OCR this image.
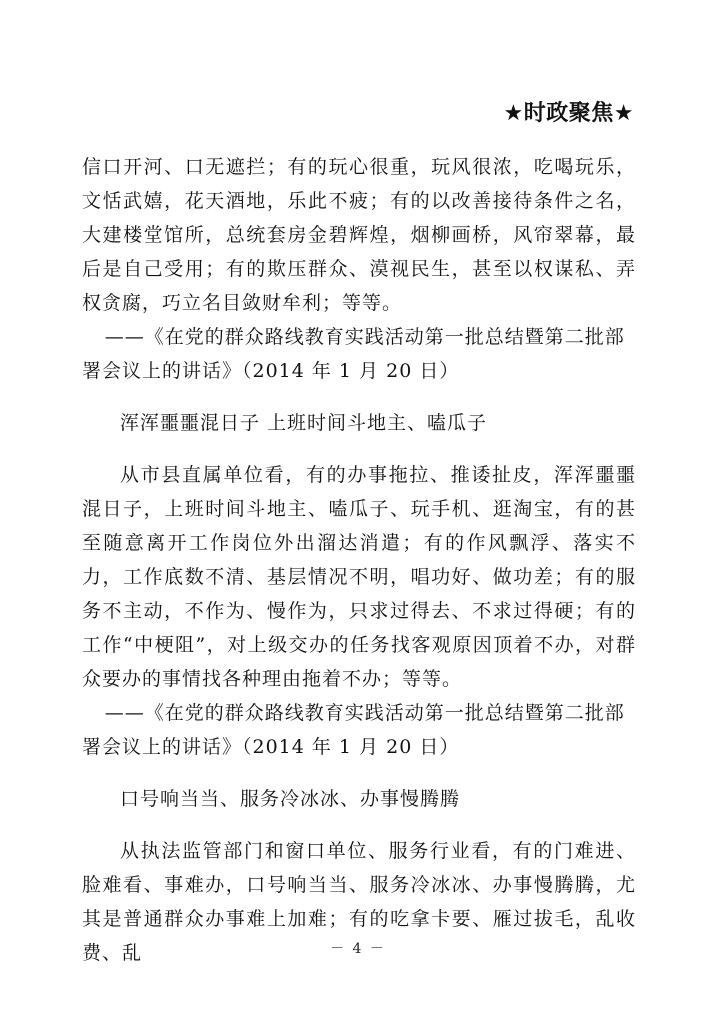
★时政聚焦★

信口开河、口无遮拦；有的玩心很重，玩风很浓，吃喝玩乐，文恬武嬉，花天酒地，乐此不疲；有的以改善接待条件之名，大建楼堂馆所，总统套房金碧辉煌，烟柳画桥，风帘翠幕，最后是自己受用；有的欺压群众、漠视民生，甚至以权谋私、弄权贪腐，巧立名目敛财牟利；等等。

——《在党的群众路线教育实践活动第一批总结暨第二批部署会议上的讲话》（2014 年 1 月 20 日）

浑浑噩噩混日子 上班时间斗地主、嗑瓜子

从市县直属单位看，有的办事拖拉、推诿扯皮，浑浑噩噩混日子，上班时间斗地主、嗑瓜子、玩手机、逛淘宝，有的甚至随意离开工作岗位外出溜达消遣；有的作风飘浮、落实不力，工作底数不清、基层情况不明，唱功好、做功差；有的服务不主动，不作为、慢作为，只求过得去、不求过得硬；有的工作“中梗阻”，对上级交办的任务找客观原因顶着不办，对群众要办的事情找各种理由拖着不办；等等。

——《在党的群众路线教育实践活动第一批总结暨第二批部署会议上的讲话》（2014 年 1 月 20 日）

口号响当当、服务冷冰冰、办事慢腾腾

从执法监管部门和窗口单位、服务行业看，有的门难进、脸难看、事难办，口号响当当、服务冷冰冰、办事慢腾腾，尤其是普通群众办事难上加难；有的吃拿卡要、雁过拔毛，乱收费、乱	－ 4 －
